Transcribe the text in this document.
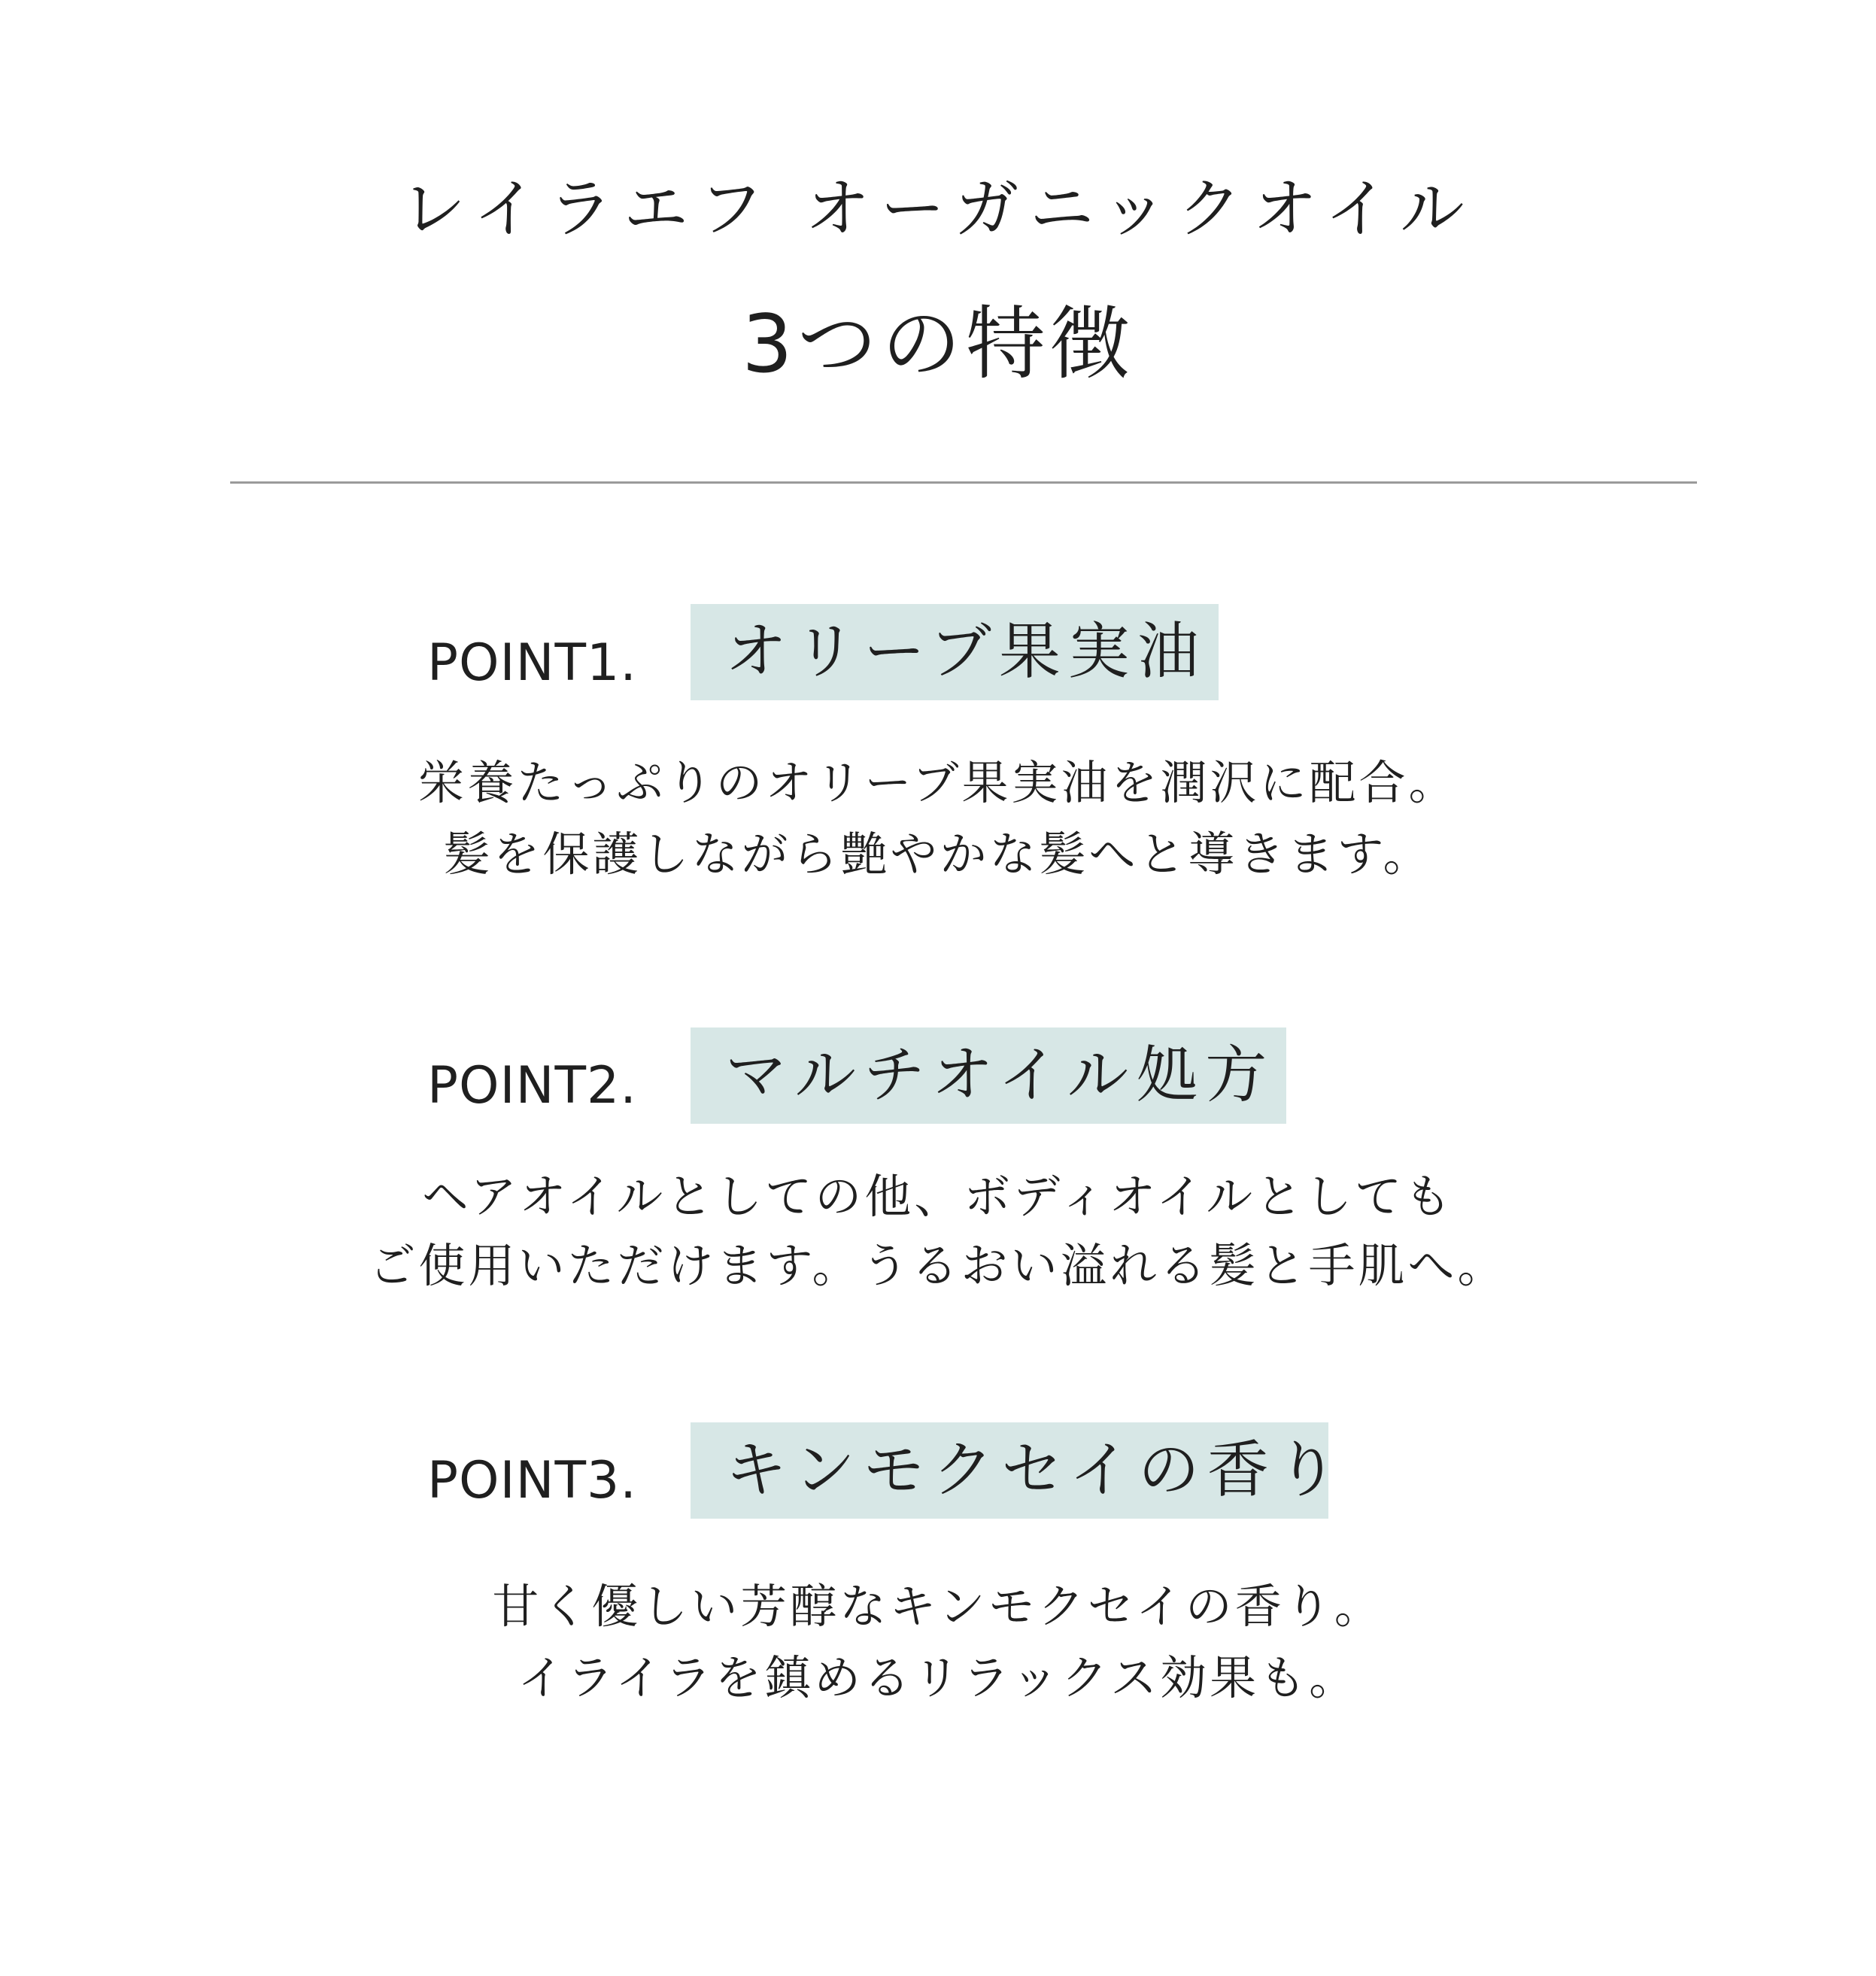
レイラエフ オーガニックオイル
3つの特徴
POINT1.	オリーブ果実油
栄養たっぷりのオリーブ果実油を潤沢に配合。
髪を保護しながら艶やかな髪へと導きます。
POINT2.	マルチオイル処方
ヘアオイルとしての他、ボディオイルとしても
ご使用いただけます。うるおい溢れる髪と手肌へ。
POINT3.	キンモクセイの香り
甘く優しい芳醇なキンモクセイの香り。
イライラを鎮めるリラックス効果も。
